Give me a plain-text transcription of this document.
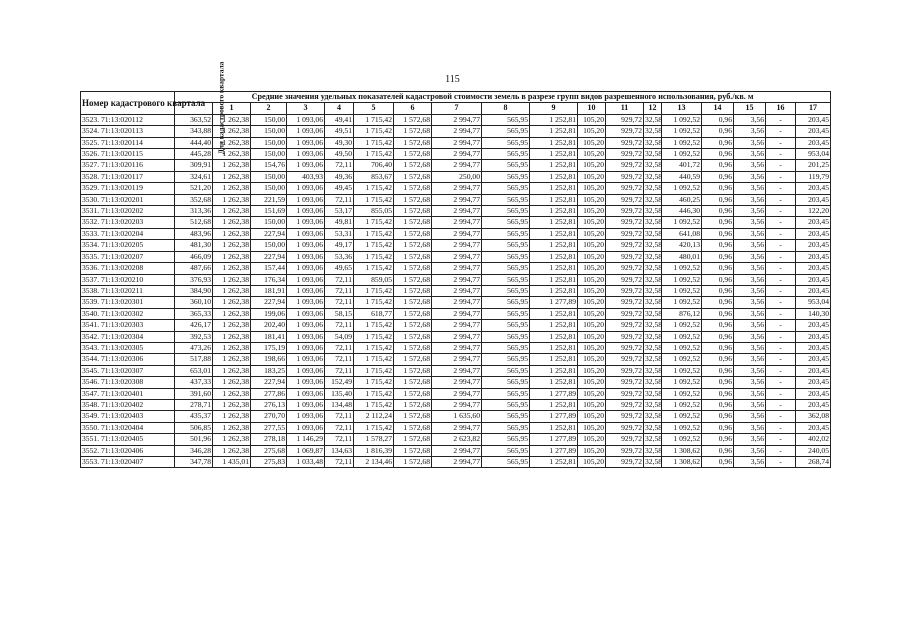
115
Номер кадастрового квартала	Средние значения удельных показателей кадастровой стоимости земель в разрезе групп видов разрешенного использования, руб./кв. м																	
	Для кадастрового квартала	1	2	3	4	5	6	7	8	9	10	11	12	13	14	15	16	17
3523. 71:13:020112	363,52	1 262,38	150,00	1 093,06	49,41	1 715,42	1 572,68	2 994,77	565,95	1 252,81	105,20	929,72	32,58	1 092,52	0,96	3,56	-	203,45
3524. 71:13:020113	343,88	1 262,38	150,00	1 093,06	49,51	1 715,42	1 572,68	2 994,77	565,95	1 252,81	105,20	929,72	32,58	1 092,52	0,96	3,56	-	203,45
3525. 71:13:020114	444,40	1 262,38	150,00	1 093,06	49,30	1 715,42	1 572,68	2 994,77	565,95	1 252,81	105,20	929,72	32,58	1 092,52	0,96	3,56	-	203,45
3526. 71:13:020115	445,28	1 262,38	150,00	1 093,06	49,50	1 715,42	1 572,68	2 994,77	565,95	1 252,81	105,20	929,72	32,58	1 092,52	0,96	3,56	-	953,04
3527. 71:13:020116	309,91	1 262,38	154,76	1 093,06	72,11	706,40	1 572,68	2 994,77	565,95	1 252,81	105,20	929,72	32,58	401,72	0,96	3,56	-	201,25
3528. 71:13:020117	324,61	1 262,38	150,00	403,93	49,36	853,67	1 572,68	250,00	565,95	1 252,81	105,20	929,72	32,58	440,59	0,96	3,56	-	119,79
3529. 71:13:020119	521,20	1 262,38	150,00	1 093,06	49,45	1 715,42	1 572,68	2 994,77	565,95	1 252,81	105,20	929,72	32,58	1 092,52	0,96	3,56	-	203,45
3530. 71:13:020201	352,68	1 262,38	221,59	1 093,06	72,11	1 715,42	1 572,68	2 994,77	565,95	1 252,81	105,20	929,72	32,58	460,25	0,96	3,56	-	203,45
3531. 71:13:020202	313,36	1 262,38	151,69	1 093,06	53,17	855,05	1 572,68	2 994,77	565,95	1 252,81	105,20	929,72	32,58	446,30	0,96	3,56	-	122,20
3532. 71:13:020203	512,68	1 262,38	150,00	1 093,06	49,81	1 715,42	1 572,68	2 994,77	565,95	1 252,81	105,20	929,72	32,58	1 092,52	0,96	3,56	-	203,45
3533. 71:13:020204	483,96	1 262,38	227,94	1 093,06	53,31	1 715,42	1 572,68	2 994,77	565,95	1 252,81	105,20	929,72	32,58	641,08	0,96	3,56	-	203,45
3534. 71:13:020205	481,30	1 262,38	150,00	1 093,06	49,17	1 715,42	1 572,68	2 994,77	565,95	1 252,81	105,20	929,72	32,58	420,13	0,96	3,56	-	203,45
3535. 71:13:020207	466,09	1 262,38	227,94	1 093,06	53,36	1 715,42	1 572,68	2 994,77	565,95	1 252,81	105,20	929,72	32,58	480,01	0,96	3,56	-	203,45
3536. 71:13:020208	487,66	1 262,38	157,44	1 093,06	49,65	1 715,42	1 572,68	2 994,77	565,95	1 252,81	105,20	929,72	32,58	1 092,52	0,96	3,56	-	203,45
3537. 71:13:020210	376,93	1 262,38	176,34	1 093,06	72,11	859,05	1 572,68	2 994,77	565,95	1 252,81	105,20	929,72	32,58	1 092,52	0,96	3,56	-	203,45
3538. 71:13:020211	384,90	1 262,38	181,91	1 093,06	72,11	1 715,42	1 572,68	2 994,77	565,95	1 252,81	105,20	929,72	32,58	1 092,52	0,96	3,56	-	203,45
3539. 71:13:020301	360,10	1 262,38	227,94	1 093,06	72,11	1 715,42	1 572,68	2 994,77	565,95	1 277,89	105,20	929,72	32,58	1 092,52	0,96	3,56	-	953,04
3540. 71:13:020302	365,33	1 262,38	199,06	1 093,06	58,15	618,77	1 572,68	2 994,77	565,95	1 252,81	105,20	929,72	32,58	876,12	0,96	3,56	-	140,30
3541. 71:13:020303	426,17	1 262,38	202,40	1 093,06	72,11	1 715,42	1 572,68	2 994,77	565,95	1 252,81	105,20	929,72	32,58	1 092,52	0,96	3,56	-	203,45
3542. 71:13:020304	392,53	1 262,38	181,41	1 093,06	54,09	1 715,42	1 572,68	2 994,77	565,95	1 252,81	105,20	929,72	32,58	1 092,52	0,96	3,56	-	203,45
3543. 71:13:020305	473,26	1 262,38	175,19	1 093,06	72,11	1 715,42	1 572,68	2 994,77	565,95	1 252,81	105,20	929,72	32,58	1 092,52	0,96	3,56	-	203,45
3544. 71:13:020306	517,88	1 262,38	198,66	1 093,06	72,11	1 715,42	1 572,68	2 994,77	565,95	1 252,81	105,20	929,72	32,58	1 092,52	0,96	3,56	-	203,45
3545. 71:13:020307	653,01	1 262,38	183,25	1 093,06	72,11	1 715,42	1 572,68	2 994,77	565,95	1 252,81	105,20	929,72	32,58	1 092,52	0,96	3,56	-	203,45
3546. 71:13:020308	437,33	1 262,38	227,94	1 093,06	152,49	1 715,42	1 572,68	2 994,77	565,95	1 252,81	105,20	929,72	32,58	1 092,52	0,96	3,56	-	203,45
3547. 71:13:020401	391,60	1 262,38	277,86	1 093,06	135,40	1 715,42	1 572,68	2 994,77	565,95	1 277,89	105,20	929,72	32,58	1 092,52	0,96	3,56	-	203,45
3548. 71:13:020402	278,71	1 262,38	276,13	1 093,06	134,48	1 715,42	1 572,68	2 994,77	565,95	1 252,81	105,20	929,72	32,58	1 092,52	0,96	3,56	-	203,45
3549. 71:13:020403	435,37	1 262,38	270,70	1 093,06	72,11	2 112,24	1 572,68	1 635,60	565,95	1 277,89	105,20	929,72	32,58	1 092,52	0,96	3,56	-	362,08
3550. 71:13:020404	506,85	1 262,38	277,55	1 093,06	72,11	1 715,42	1 572,68	2 994,77	565,95	1 252,81	105,20	929,72	32,58	1 092,52	0,96	3,56	-	203,45
3551. 71:13:020405	501,96	1 262,38	278,18	1 146,29	72,11	1 578,27	1 572,68	2 623,82	565,95	1 277,89	105,20	929,72	32,58	1 092,52	0,96	3,56	-	402,02
3552. 71:13:020406	346,28	1 262,38	275,68	1 069,87	134,63	1 816,39	1 572,68	2 994,77	565,95	1 277,89	105,20	929,72	32,58	1 308,62	0,96	3,56	-	240,05
3553. 71:13:020407	347,78	1 435,01	275,83	1 033,48	72,11	2 134,46	1 572,68	2 994,77	565,95	1 252,81	105,20	929,72	32,58	1 308,62	0,96	3,56	-	268,74
